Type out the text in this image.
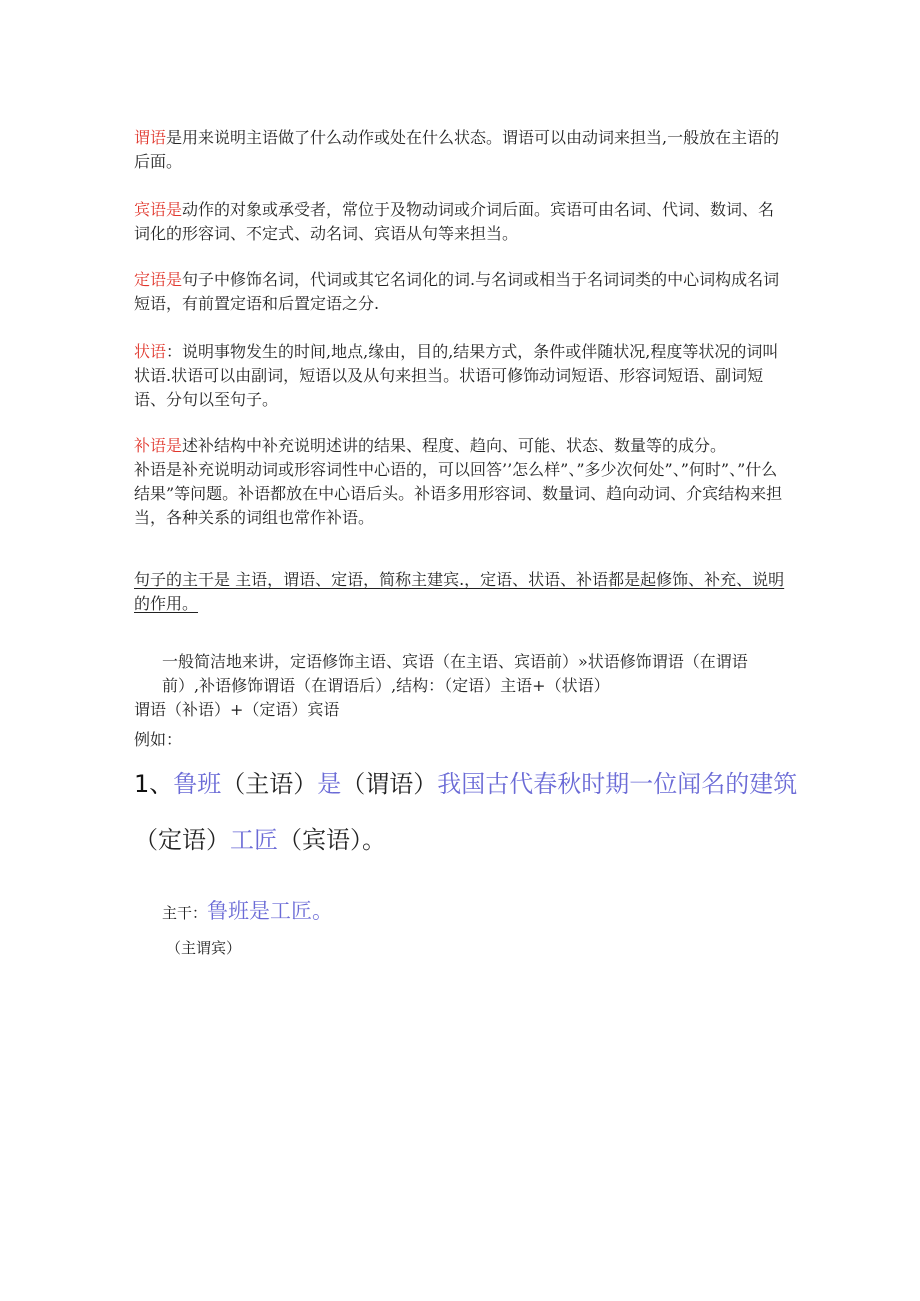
谓语是用来说明主语做了什么动作或处在什么状态。谓语可以由动词来担当,一般放在主语的后面。

宾语是动作的对象或承受者，常位于及物动词或介词后面。宾语可由名词、代词、数词、名词化的形容词、不定式、动名词、宾语从句等来担当。

定语是句子中修饰名词，代词或其它名词化的词.与名词或相当于名词词类的中心词构成名词短语，有前置定语和后置定语之分.

状语：说明事物发生的时间,地点,缘由，目的,结果方式，条件或伴随状况,程度等状况的词叫状语.状语可以由副词，短语以及从句来担当。状语可修饰动词短语、形容词短语、副词短语、分句以至句子。

补语是述补结构中补充说明述讲的结果、程度、趋向、可能、状态、数量等的成分。
补语是补充说明动词或形容词性中心语的，可以回答’’怎么样”、”多少次何处”、”何时”、”什么结果”等问题。补语都放在中心语后头。补语多用形容词、数量词、趋向动词、介宾结构来担当，各种关系的词组也常作补语。

句子的主干是 主语，谓语、定语，简称主建宾.，定语、状语、补语都是起修饰、补充、说明的作用。

一般简洁地来讲，定语修饰主语、宾语（在主语、宾语前）»状语修饰谓语（在谓语前）,补语修饰谓语（在谓语后）,结构：（定语）主语+（状语）

谓语（补语）+（定语）宾语

例如：

1、鲁班（主语）是（谓语）我国古代春秋时期一位闻名的建筑（定语）工匠（宾语）。

主干：鲁班是工匠。

（主谓宾）
